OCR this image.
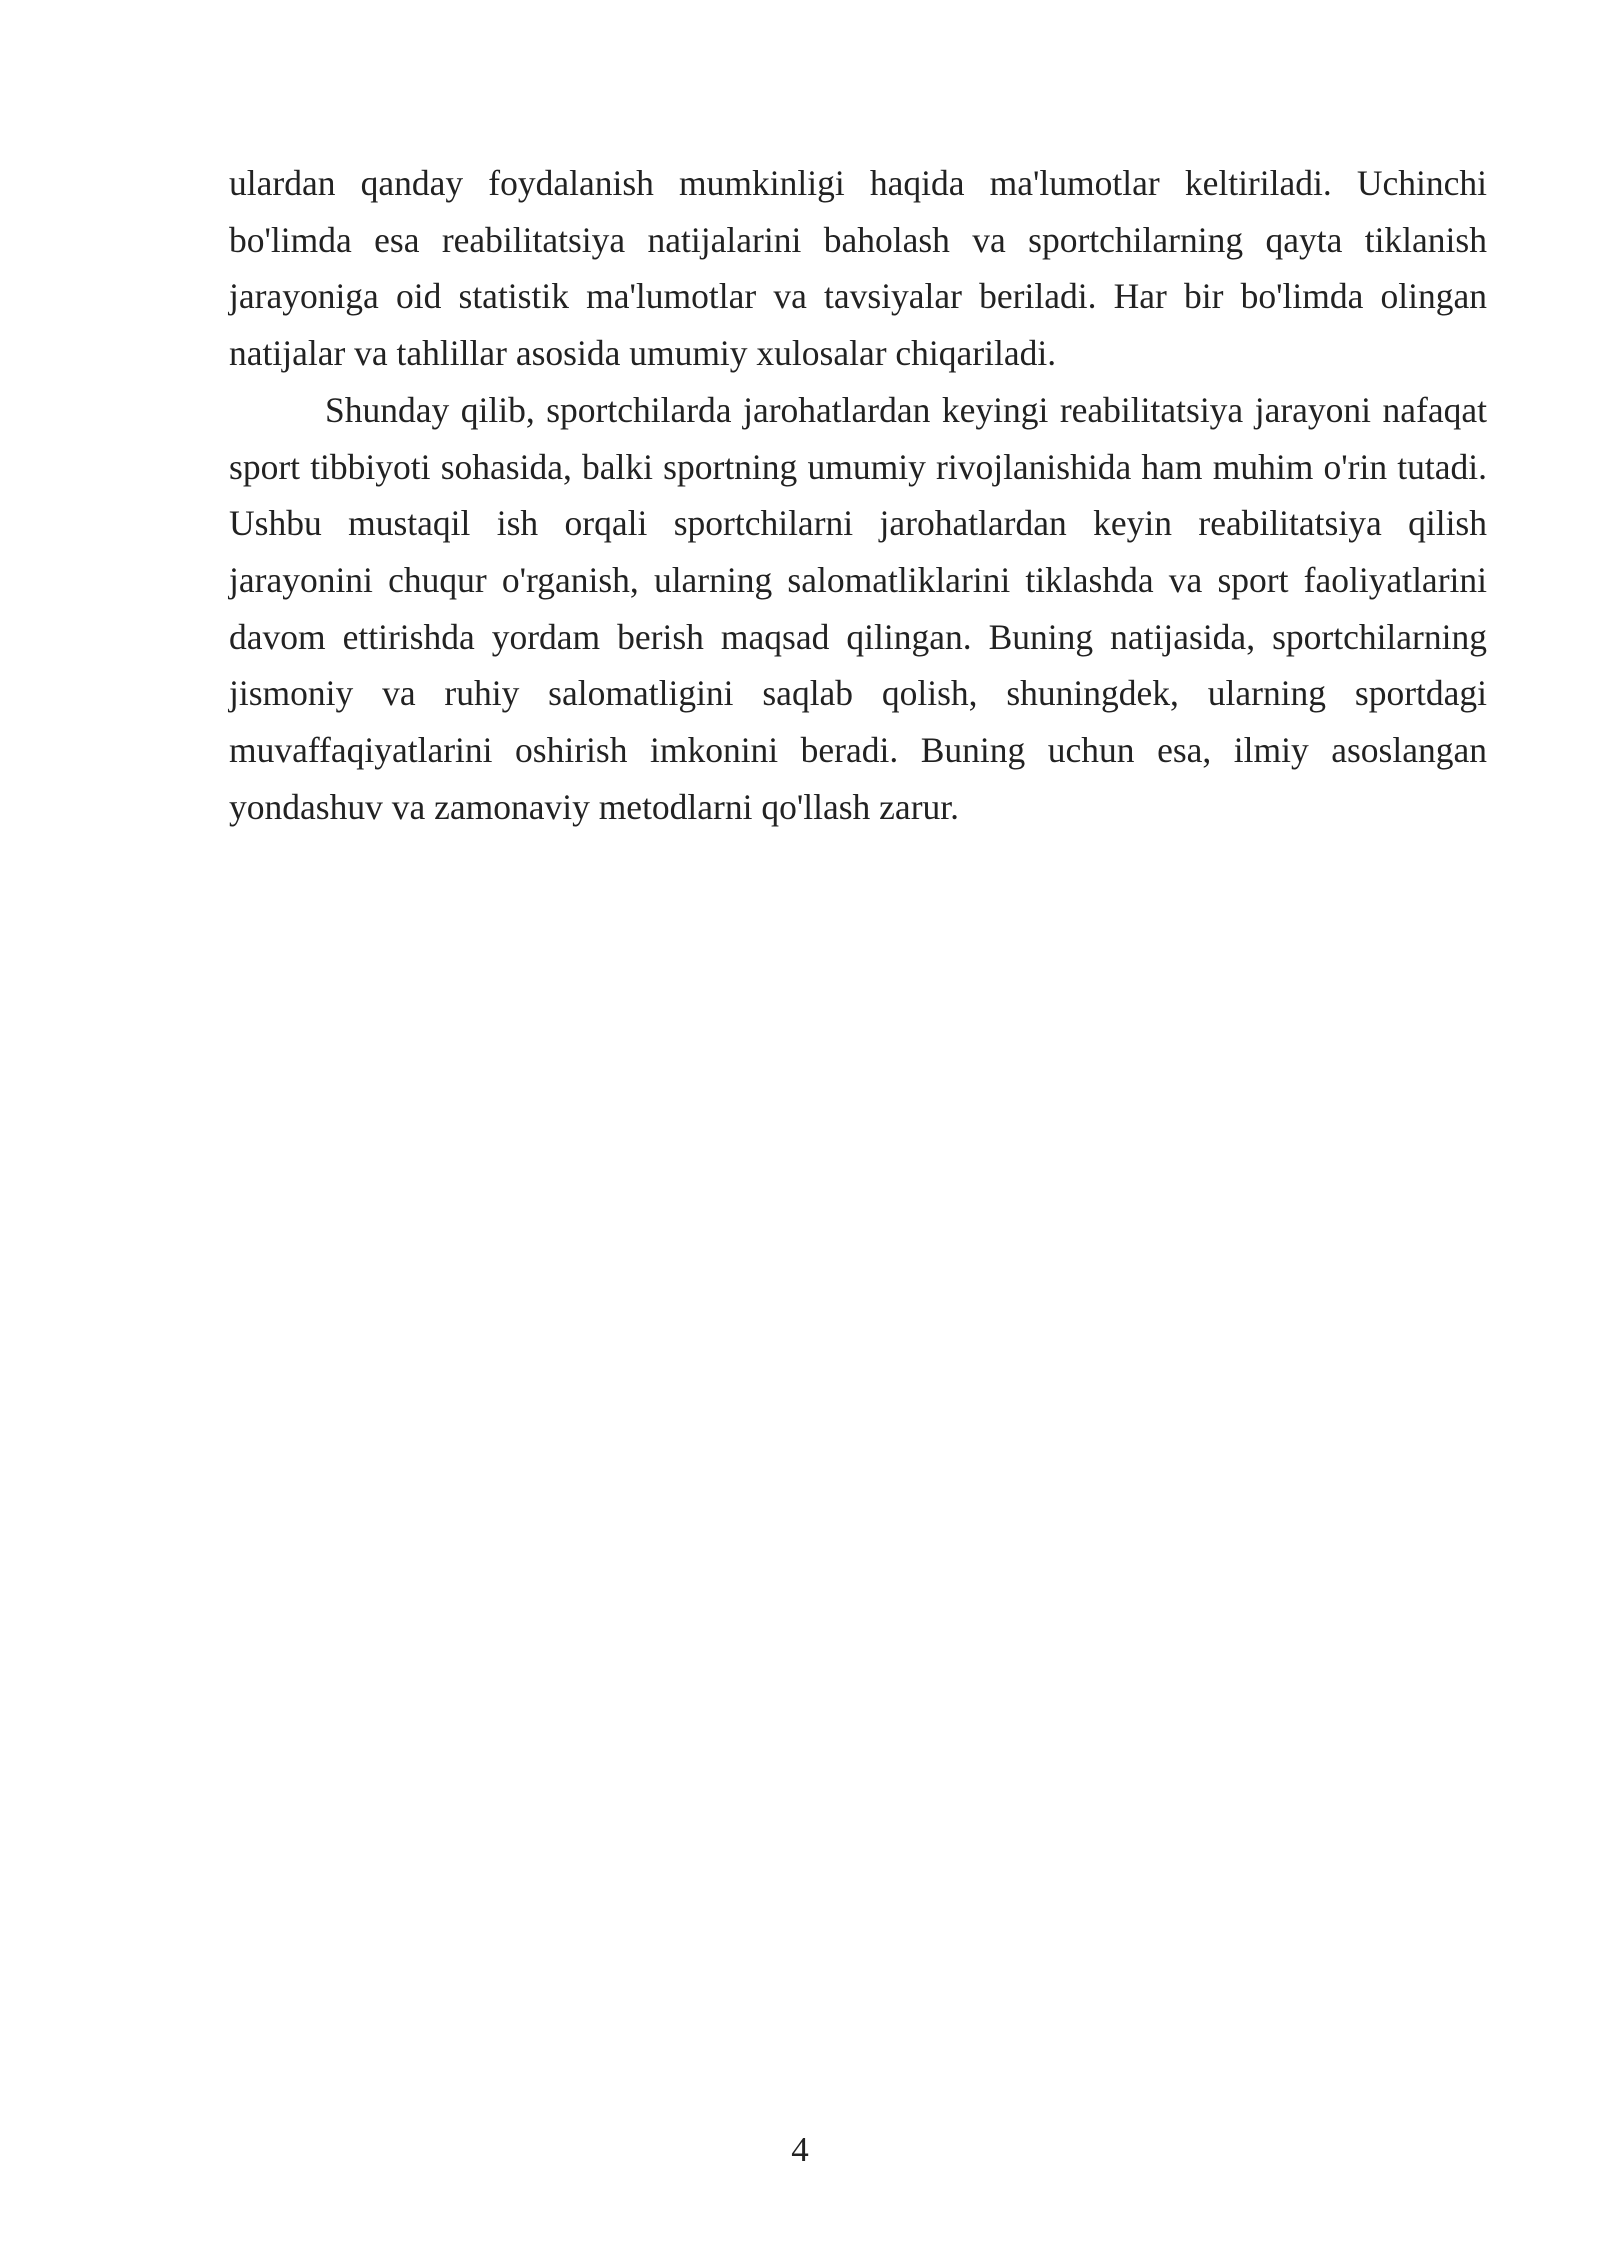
ulardan qanday foydalanish mumkinligi haqida ma'lumotlar keltiriladi. Uchinchi bo'limda esa reabilitatsiya natijalarini baholash va sportchilarning qayta tiklanish jarayoniga oid statistik ma'lumotlar va tavsiyalar beriladi. Har bir bo'limda olingan natijalar va tahlillar asosida umumiy xulosalar chiqariladi.

Shunday qilib, sportchilarda jarohatlardan keyingi reabilitatsiya jarayoni nafaqat sport tibbiyoti sohasida, balki sportning umumiy rivojlanishida ham muhim o'rin tutadi. Ushbu mustaqil ish orqali sportchilarni jarohatlardan keyin reabilitatsiya qilish jarayonini chuqur o'rganish, ularning salomatliklarini tiklashda va sport faoliyatlarini davom ettirishda yordam berish maqsad qilingan. Buning natijasida, sportchilarning jismoniy va ruhiy salomatligini saqlab qolish, shuningdek, ularning sportdagi muvaffaqiyatlarini oshirish imkonini beradi. Buning uchun esa, ilmiy asoslangan yondashuv va zamonaviy metodlarni qo'llash zarur.

4
